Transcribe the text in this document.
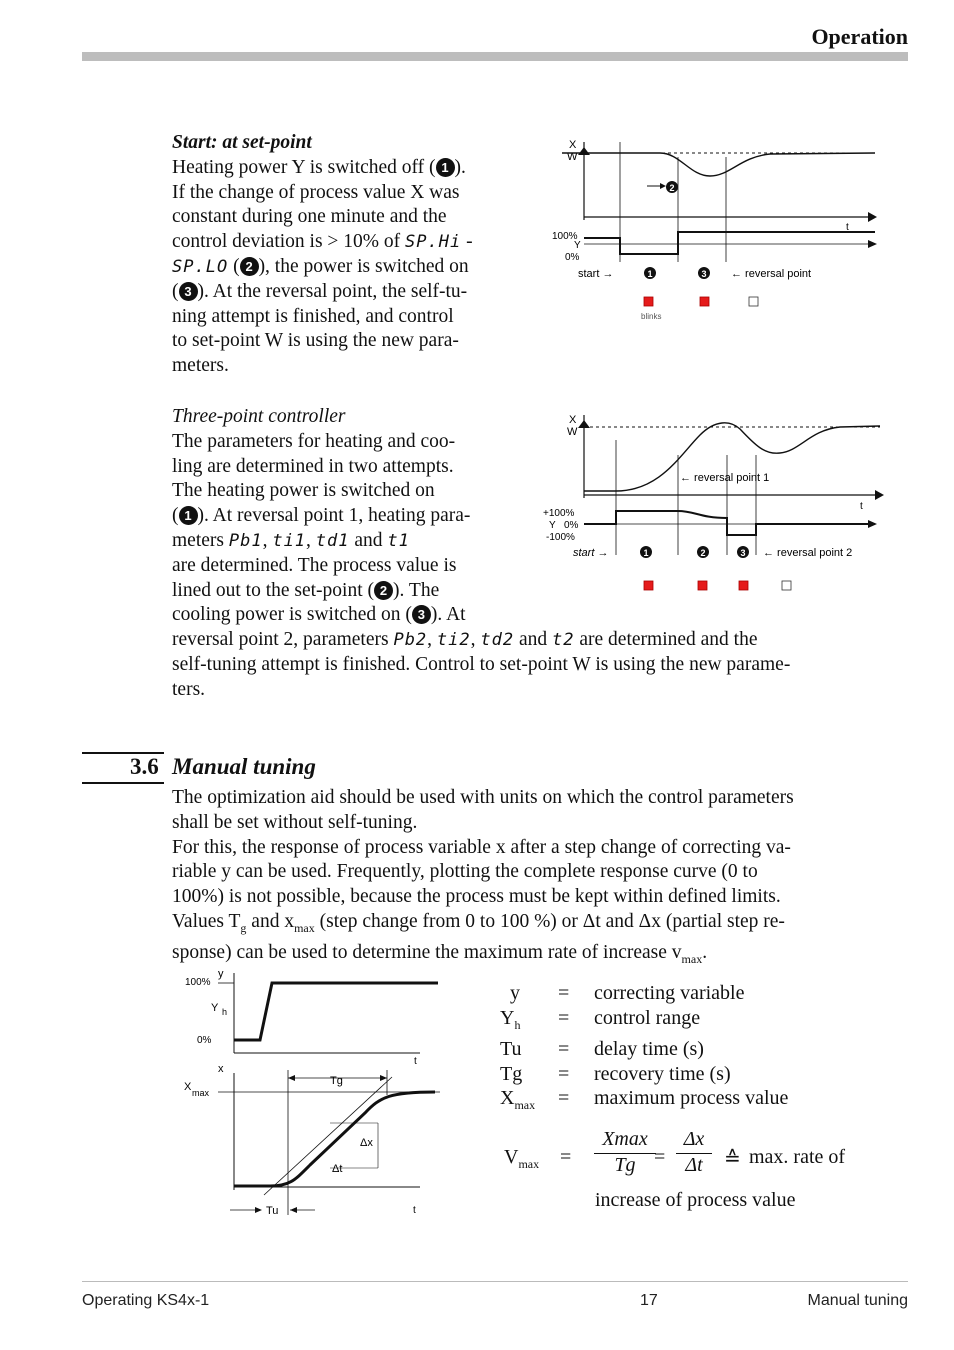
Operation

Start: at set-point

Heating power Y is switched off ( 1 ).

If the change of process value X was

constant during one minute and the

control deviation is > 10% of SP.Hi -

SP.LO ( 2 ), the power is switched on

( 3 ). At the reversal point, the self-tu-

ning attempt is finished, and control

to set-point W is using the new para-

meters.

X
W
t
2
100%
Y
0%
start →	1	3 ← reversal point
blinks

Three-point controller

The parameters for heating and coo-

ling are determined in two attempts.

The heating power is switched on

( 1 ). At reversal point 1, heating para-

meters Pb1, ti1, td1 and t1

are determined. The process value is

lined out to the set-point ( 2 ). The

cooling power is switched on ( 3 ). At

reversal point 2, parameters Pb2, ti2, td2 and t2 are determined and the

self-tuning attempt is finished. Control to set-point W is using the new parame-

ters.

X
W
t
← reversal point 1
+100%
Y 0%
-100%
start →	1	2	3 ← reversal point 2
3.6 Manual tuning

The optimization aid should be used with units on which the control parameters

shall be set without self-tuning.

For this, the response of process variable x after a step change of correcting va-

riable y can be used. Frequently, plotting the complete response curve (0 to

100%) is not possible, because the process must be kept within defined limits.

Values $T_g$ and $x_{max}$ (step change from 0 to 100 %) or Δt and Δx (partial step re-

sponse) can be used to determine the maximum rate of increase $v_{max}$.

y
100%
Y h
0%
t
x
X max
t
Tg
Δx
Δt
Tu
y	=	correcting variable
$Y_h$	=	control range
Tu	=	delay time (s)
Tg	=	recovery time (s)
$X_{max}$	=	maximum process value
$V_{max}$ =
Xmax
$Tg = \frac{\Delta x}{\Delta t}$ ≙ max. rate of
increase of process value
Operating KS4x-1	17	Manual tuning
